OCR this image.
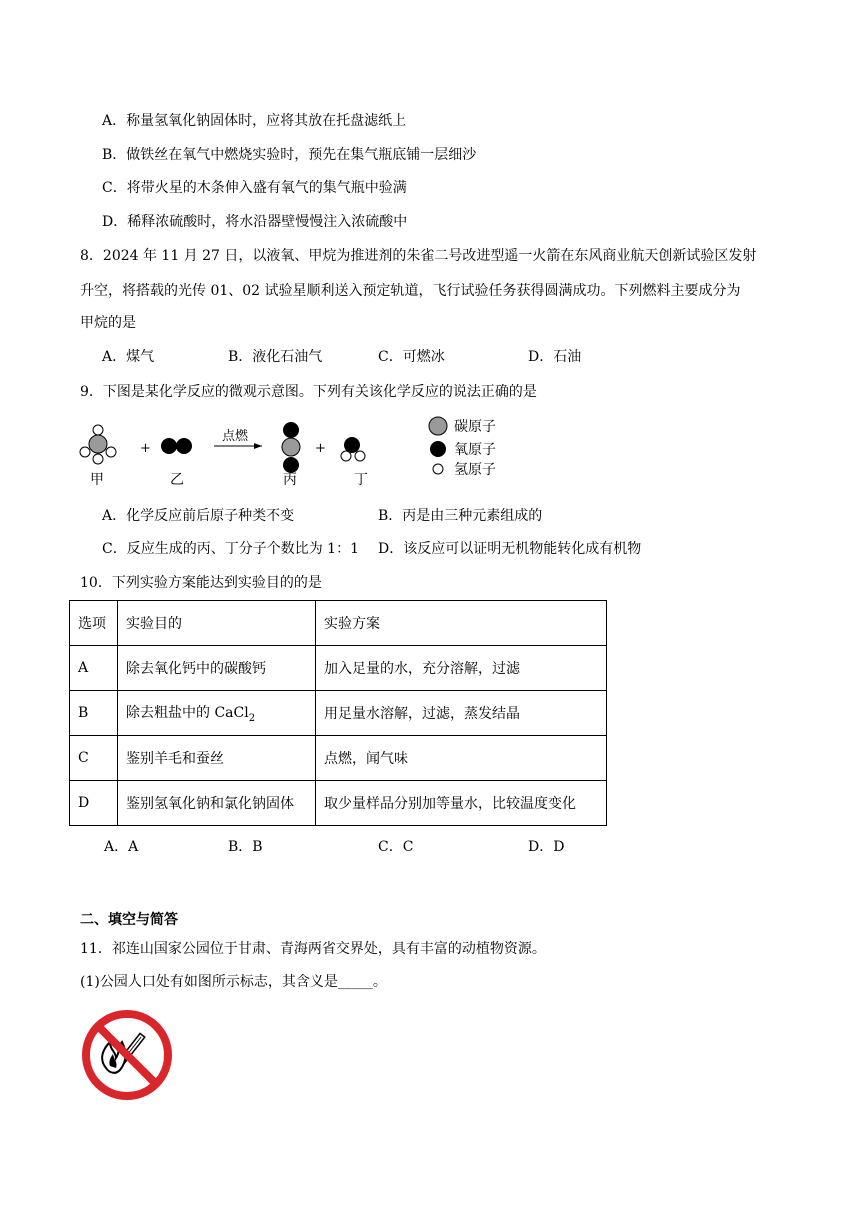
A．称量氢氧化钠固体时，应将其放在托盘滤纸上
B．做铁丝在氧气中燃烧实验时，预先在集气瓶底铺一层细沙
C．将带火星的木条伸入盛有氧气的集气瓶中验满
D．稀释浓硫酸时，将水沿器壁慢慢注入浓硫酸中
8．2024 年 11 月 27 日，以液氧、甲烷为推进剂的朱雀二号改进型遥一火箭在东风商业航天创新试验区发射
升空，将搭载的光传 01、02 试验星顺利送入预定轨道，飞行试验任务获得圆满成功。下列燃料主要成分为
甲烷的是
A．煤气	B．液化石油气	C．可燃冰	D．石油
9．下图是某化学反应的微观示意图。下列有关该化学反应的说法正确的是
+
点燃
+
甲	乙	丙	丁
碳原子
氧原子
氢原子
A．化学反应前后原子种类不变	B．丙是由三种元素组成的
C．反应生成的丙、丁分子个数比为 1：1 D．该反应可以证明无机物能转化成有机物
10．下列实验方案能达到实验目的的是
选项	实验目的	实验方案
A	除去氧化钙中的碳酸钙	加入足量的水，充分溶解，过滤
B	除去粗盐中的 CaCl$_2$	用足量水溶解，过滤，蒸发结晶
C	鉴别羊毛和蚕丝	点燃，闻气味
D	鉴别氢氧化钠和氯化钠固体	取少量样品分别加等量水，比较温度变化
A．A	B．B	C．C	D．D
二、填空与简答
11．祁连山国家公园位于甘肃、青海两省交界处，具有丰富的动植物资源。
(1)公园人口处有如图所示标志，其含义是_____。
